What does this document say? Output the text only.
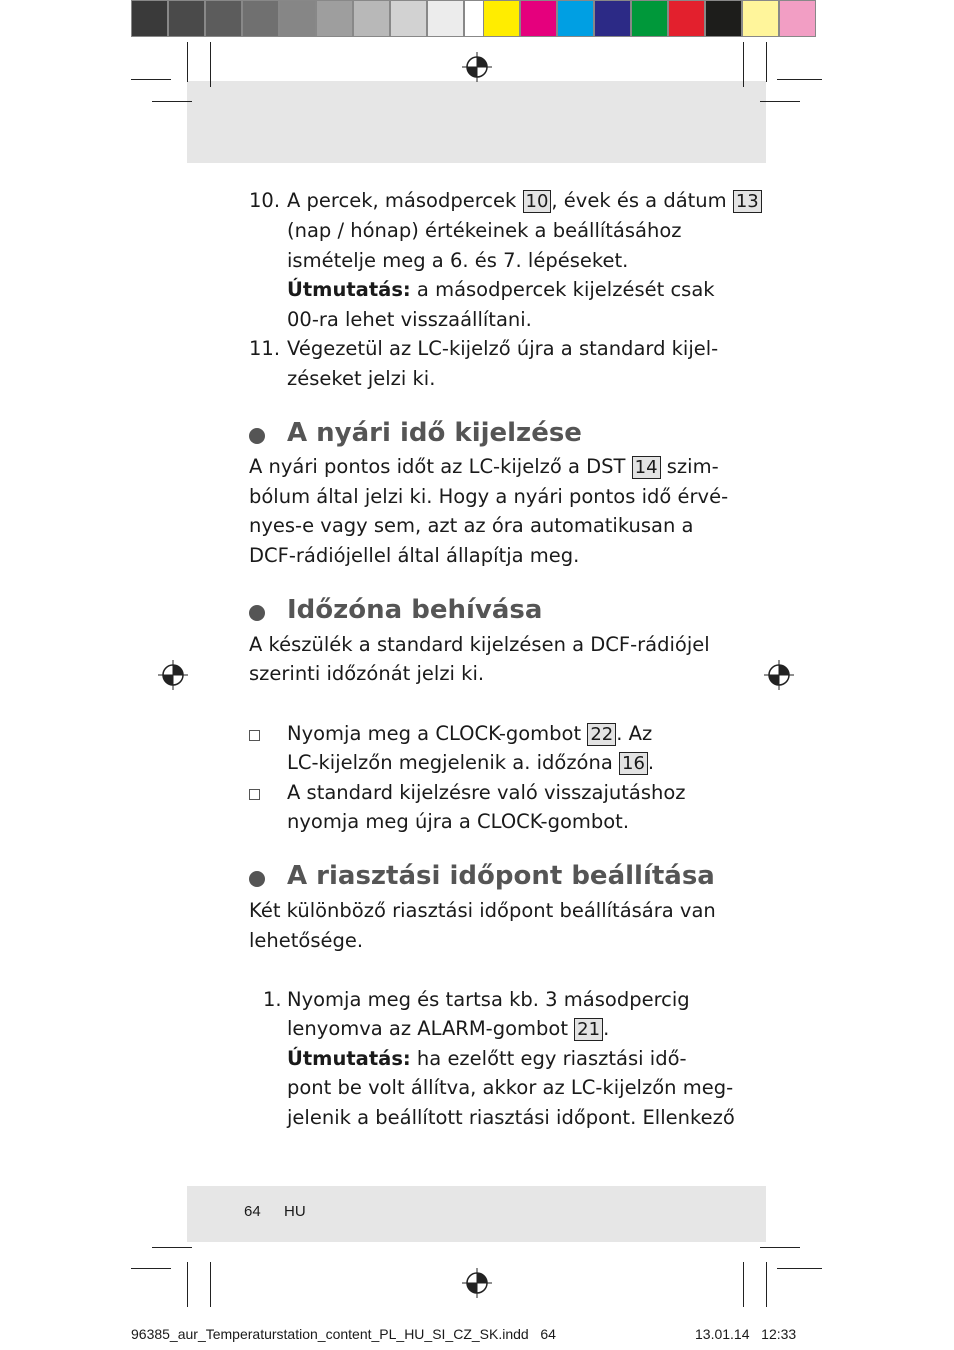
10. A percek, másodpercek 10 , évek és a dátum 13
(nap / hónap) értékeinek a beállításához
ismételje meg a 6. és 7. lépéseket.
Útmutatás: a másodpercek kijelzését csak
00-ra lehet visszaállítani.
11. Végezetül az LC-kijelző újra a standard kijel-
zéseket jelzi ki.
A nyári idő kijelzése
A nyári pontos időt az LC-kijelző a DST 14 szim-
bólum által jelzi ki. Hogy a nyári pontos idő érvé-
nyes-e vagy sem, azt az óra automatikusan a
DCF-rádiójellel által állapítja meg.
Időzóna behívása
A készülék a standard kijelzésen a DCF-rádiójel
szerinti időzónát jelzi ki.
Nyomja meg a CLOCK-gombot 22 . Az
LC-kijelzőn megjelenik a. időzóna 16 .
A standard kijelzésre való visszajutáshoz
nyomja meg újra a CLOCK-gombot.
A riasztási időpont beállítása
Két különböző riasztási időpont beállítására van
lehetősége.
1. Nyomja meg és tartsa kb. 3 másodpercig
lenyomva az ALARM-gombot 21 .
Útmutatás: ha ezelőtt egy riasztási idő-
pont be volt állítva, akkor az LC-kijelzőn meg-
jelenik a beállított riasztási időpont. Ellenkező
64 HU
96385_aur_Temperaturstation_content_PL_HU_SI_CZ_SK.indd   64	13.01.14   12:33
